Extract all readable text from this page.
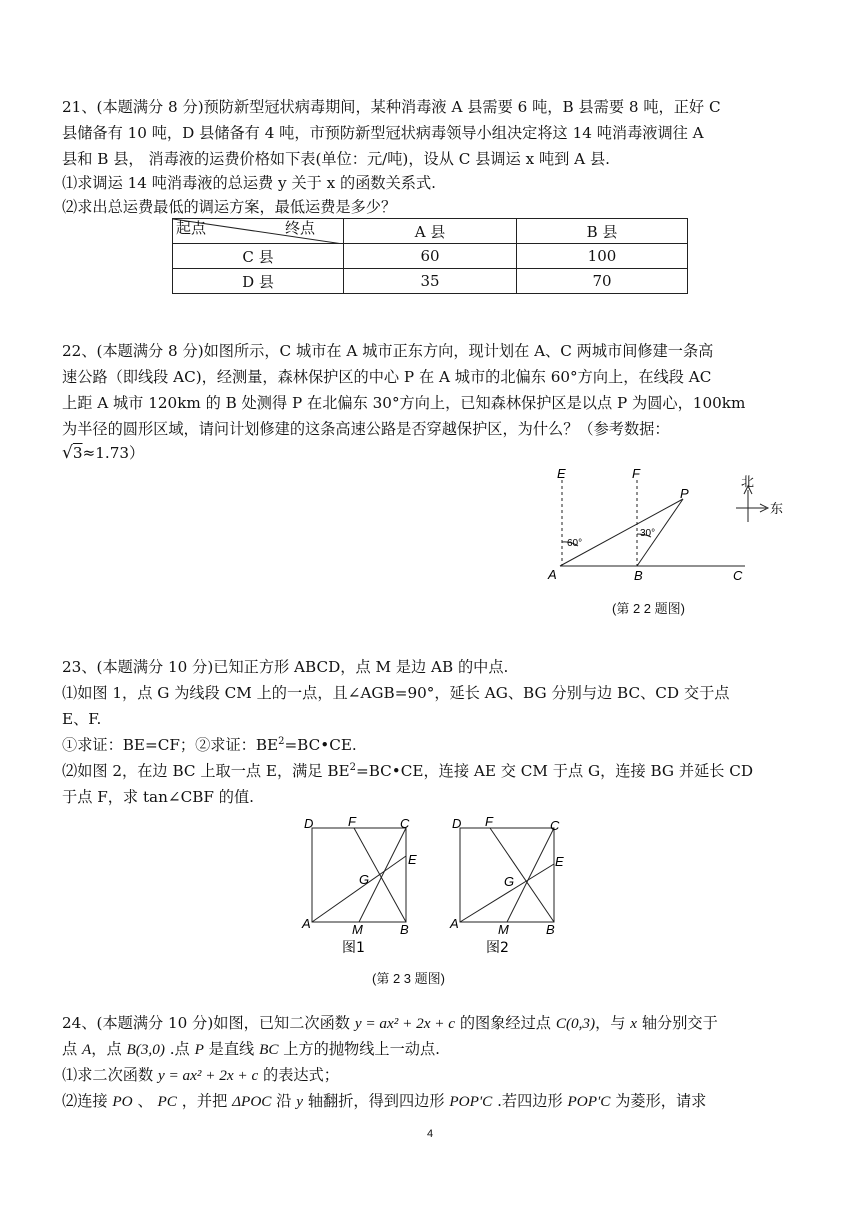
21、(本题满分 8 分)预防新型冠状病毒期间，某种消毒液 A 县需要 6 吨，B 县需要 8 吨，正好 C

县储备有 10 吨，D 县储备有 4 吨，市预防新型冠状病毒领导小组决定将这 14 吨消毒液调往 A

县和 B 县， 消毒液的运费价格如下表(单位：元/吨)，设从 C 县调运 x 吨到 A 县.

⑴求调运 14 吨消毒液的总运费 y 关于 x 的函数关系式.

⑵求出总运费最低的调运方案，最低运费是多少？

起点 终点	A 县	B 县
C 县	60	100
D 县	35	70

22、(本题满分 8 分)如图所示，C 城市在 A 城市正东方向，现计划在 A、C 两城市间修建一条高

速公路（即线段 AC)，经测量，森林保护区的中心 P 在 A 城市的北偏东 60°方向上，在线段 AC

上距 A 城市 120km 的 B 处测得 P 在北偏东 30°方向上，已知森林保护区是以点 P 为圆心，100km

为半径的圆形区域，请问计划修建的这条高速公路是否穿越保护区，为什么？（参考数据：

√3≈1.73）

E	F
P
A	B	C
60°
30°
北
东
(第 2 2 题图)

23、(本题满分 10 分)已知正方形 ABCD，点 M 是边 AB 的中点.

⑴如图 1，点 G 为线段 CM 上的一点，且∠AGB=90°，延长 AG、BG 分别与边 BC、CD 交于点

E、F.

①求证：BE=CF；②求证：$BE^2=BC•CE$.

⑵如图 2，在边 BC 上取一点 E，满足 $BE^2=BC•CE$，连接 AE 交 CM 于点 G，连接 BG 并延长 CD

于点 F，求 tan∠CBF 的值.

D	F	C
E
G
A	M	B
D F	C
E
G
A	M	B
图1	图2
(第 2 3 题图)

24、(本题满分 10 分)如图，已知二次函数 y = ax² + 2x + c 的图象经过点 C(0,3)，与 x 轴分别交于

点 A，点 B(3,0) .点 P 是直线 BC 上方的抛物线上一动点.

⑴求二次函数 y = ax² + 2x + c 的表达式；

⑵连接 PO 、 PC ，并把 ΔPOC 沿 y 轴翻折，得到四边形 POP'C .若四边形 POP'C 为菱形，请求

4
